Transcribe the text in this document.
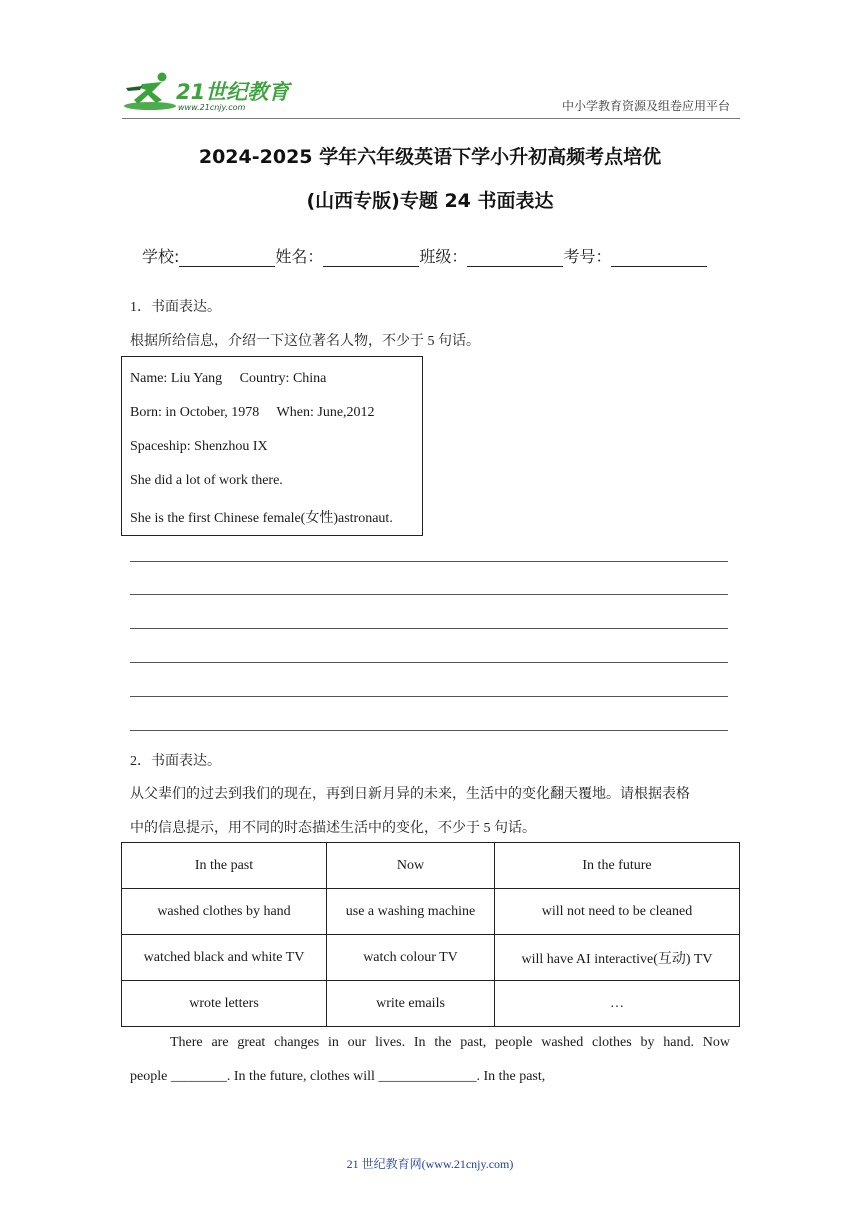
21世纪教育
www.21cnjy.com	中小学教育资源及组卷应用平台
2024-2025 学年六年级英语下学小升初高频考点培优
(山西专版)专题 24 书面表达
学校:	姓名：	班级：	考号：
1．书面表达。
根据所给信息，介绍一下这位著名人物，不少于 5 句话。
Name: Liu Yang     Country: China
Born: in October, 1978     When: June,2012
Spaceship: Shenzhou IX
She did a lot of work there.
She is the first Chinese female(女性)astronaut.
2．书面表达。
从父辈们的过去到我们的现在，再到日新月异的未来，生活中的变化翻天覆地。请根据表格
中的信息提示，用不同的时态描述生活中的变化，不少于 5 句话。
In the past	Now	In the future
washed clothes by hand	use a washing machine	will not need to be cleaned
watched black and white TV	watch colour TV	will have AI interactive(互动) TV
wrote letters	write emails	…
There are great changes in our lives. In the past, people washed clothes by hand. Now
people ________. In the future, clothes will ______________. In the past,
21 世纪教育网(www.21cnjy.com)
